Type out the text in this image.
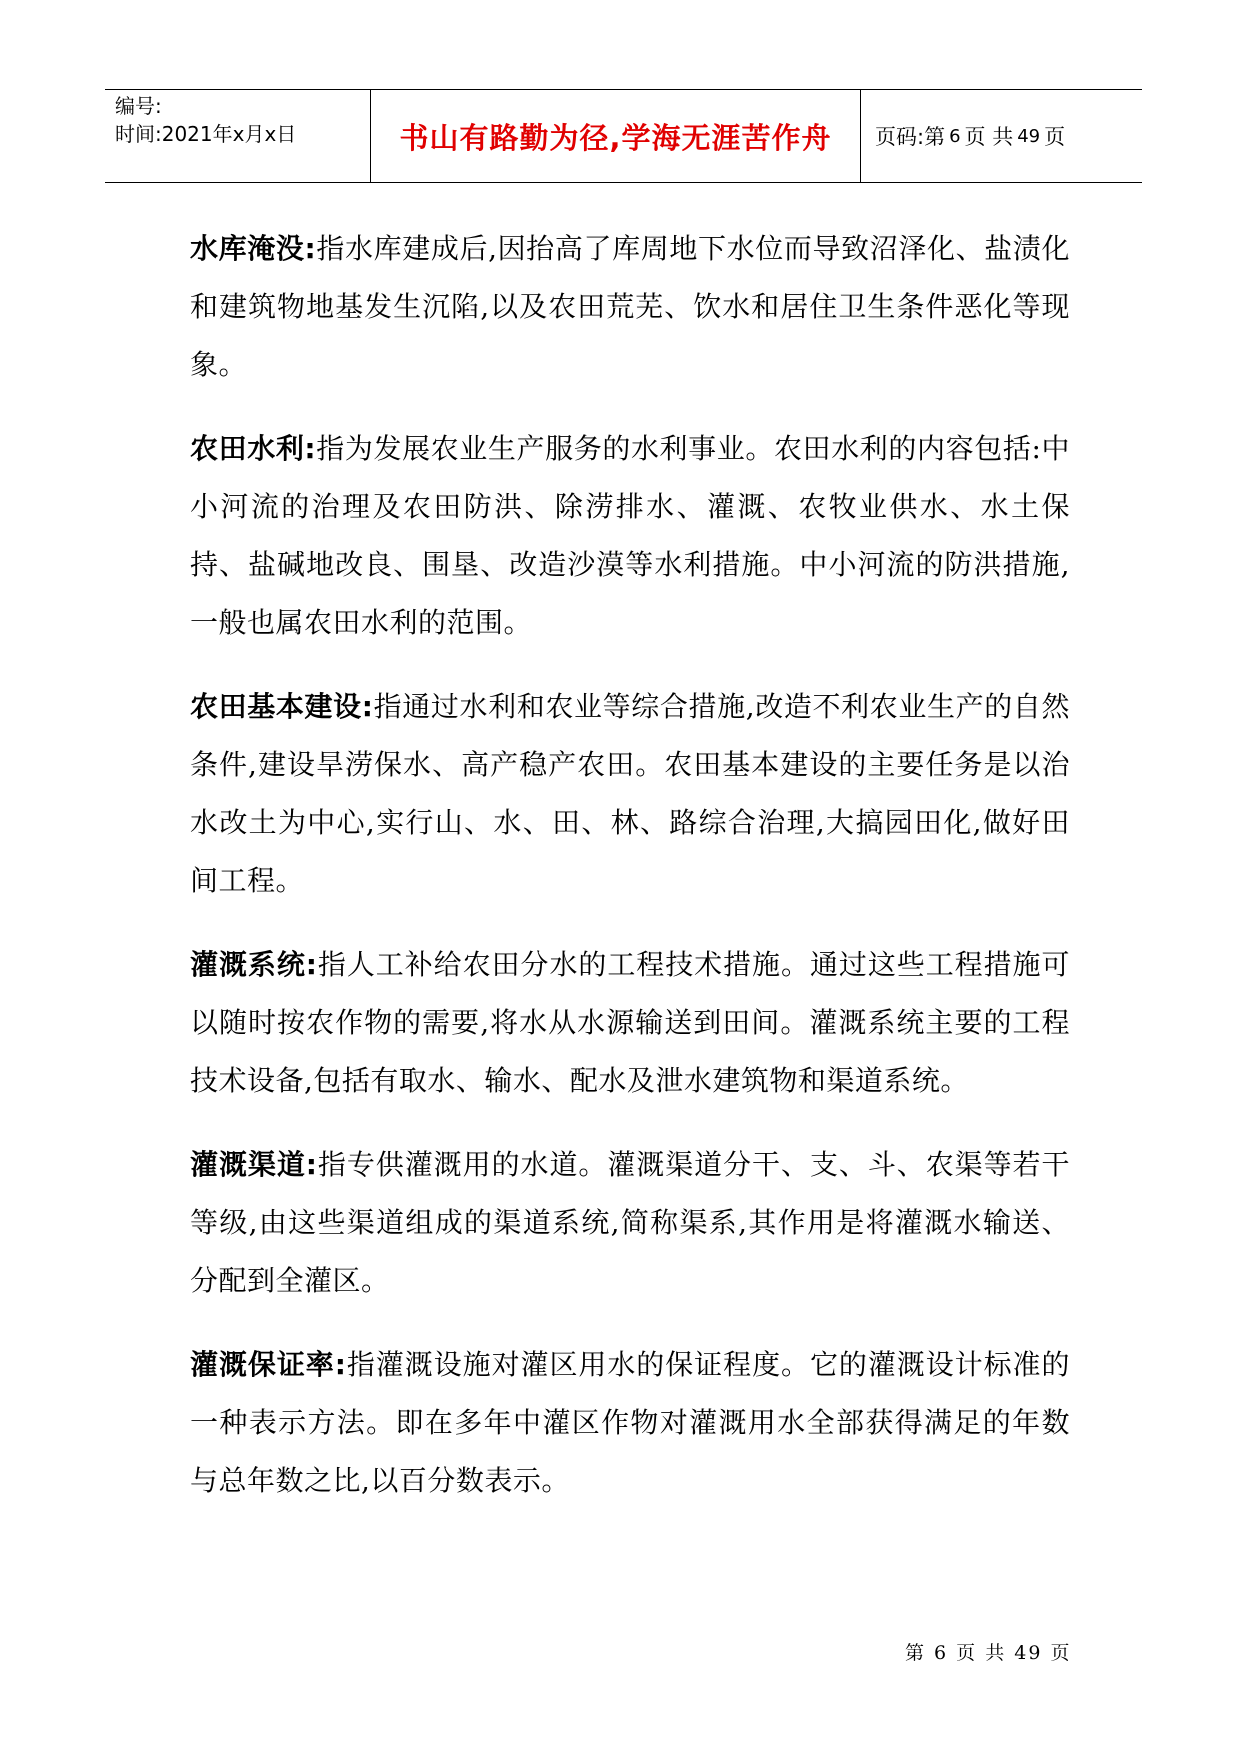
编号:
时间:2021年x月x日	书山有路勤为径,学海无涯苦作舟	页码:第 6 页 共 49 页

水库淹没:指水库建成后,因抬高了库周地下水位而导致沼泽化、盐渍化和建筑物地基发生沉陷,以及农田荒芜、饮水和居住卫生条件恶化等现象。

农田水利:指为发展农业生产服务的水利事业。农田水利的内容包括:中小河流的治理及农田防洪、除涝排水、灌溉、农牧业供水、水土保持、盐碱地改良、围垦、改造沙漠等水利措施。中小河流的防洪措施,一般也属农田水利的范围。

农田基本建设:指通过水利和农业等综合措施,改造不利农业生产的自然条件,建设旱涝保水、高产稳产农田。农田基本建设的主要任务是以治水改土为中心,实行山、水、田、林、路综合治理,大搞园田化,做好田间工程。

灌溉系统:指人工补给农田分水的工程技术措施。通过这些工程措施可以随时按农作物的需要,将水从水源输送到田间。灌溉系统主要的工程技术设备,包括有取水、输水、配水及泄水建筑物和渠道系统。

灌溉渠道:指专供灌溉用的水道。灌溉渠道分干、支、斗、农渠等若干等级,由这些渠道组成的渠道系统,简称渠系,其作用是将灌溉水输送、分配到全灌区。

灌溉保证率:指灌溉设施对灌区用水的保证程度。它的灌溉设计标准的一种表示方法。即在多年中灌区作物对灌溉用水全部获得满足的年数与总年数之比,以百分数表示。

第 6 页 共 49 页
